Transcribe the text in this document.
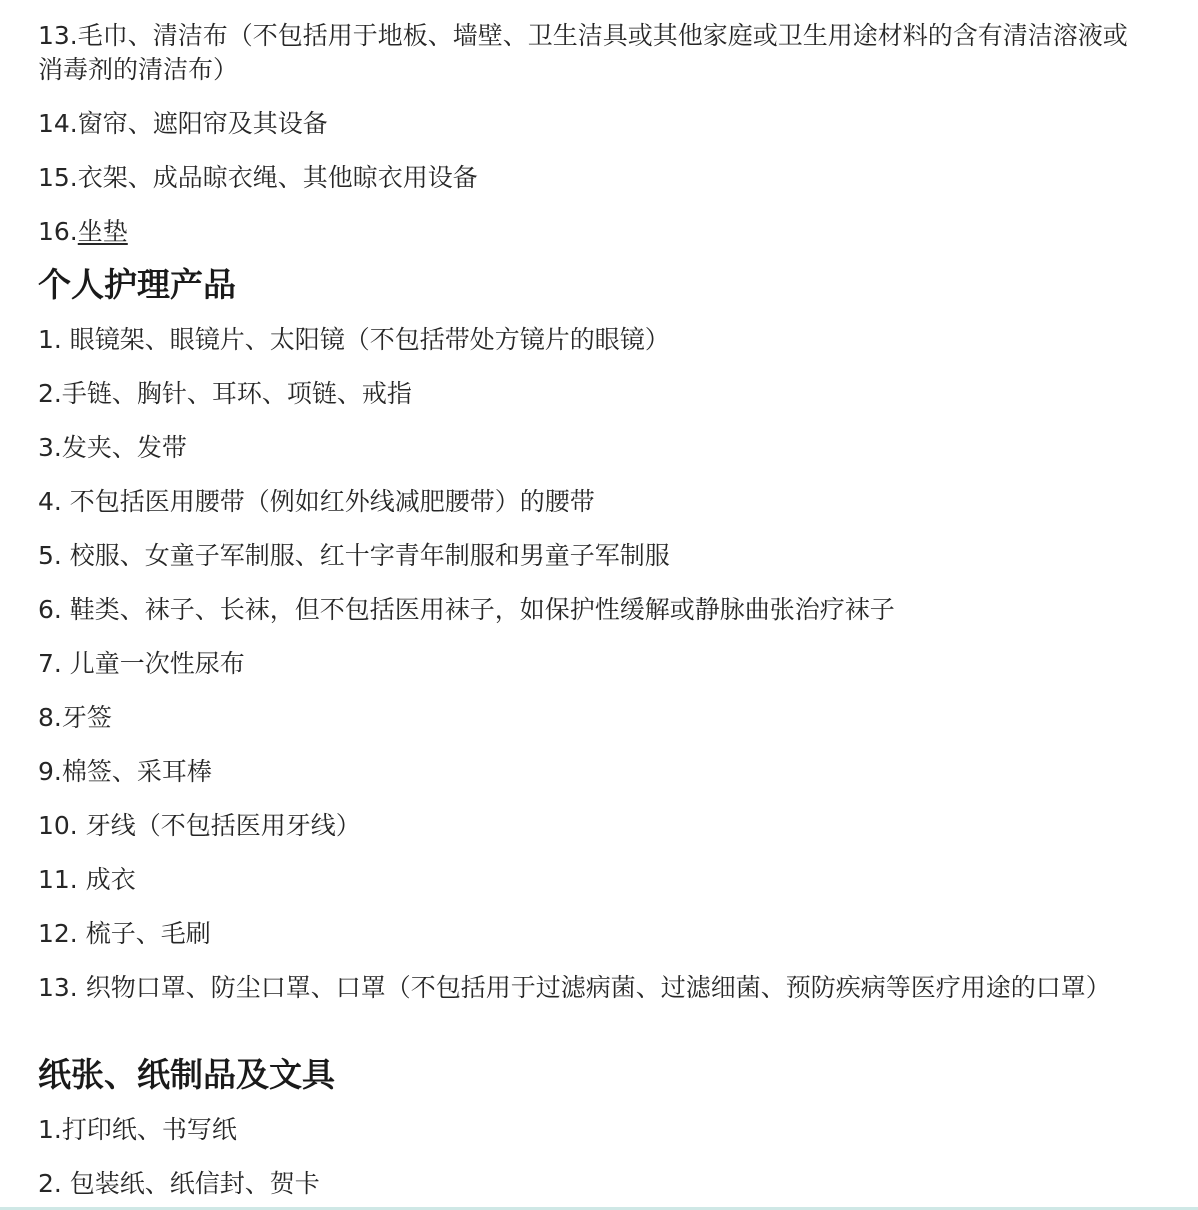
13.毛巾、清洁布（不包括用于地板、墙壁、卫生洁具或其他家庭或卫生用途材料的含有清洁溶液或消毒剂的清洁布）

14.窗帘、遮阳帘及其设备

15.衣架、成品晾衣绳、其他晾衣用设备

16.坐垫

个人护理产品

1. 眼镜架、眼镜片、太阳镜（不包括带处方镜片的眼镜）

2.手链、胸针、耳环、项链、戒指

3.发夹、发带

4. 不包括医用腰带（例如红外线减肥腰带）的腰带

5. 校服、女童子军制服、红十字青年制服和男童子军制服

6. 鞋类、袜子、长袜，但不包括医用袜子，如保护性缓解或静脉曲张治疗袜子

7. 儿童一次性尿布

8.牙签

9.棉签、采耳棒

10. 牙线（不包括医用牙线）

11. 成衣

12. 梳子、毛刷

13. 织物口罩、防尘口罩、口罩（不包括用于过滤病菌、过滤细菌、预防疾病等医疗用途的口罩）

纸张、纸制品及文具

1.打印纸、书写纸

2. 包装纸、纸信封、贺卡
